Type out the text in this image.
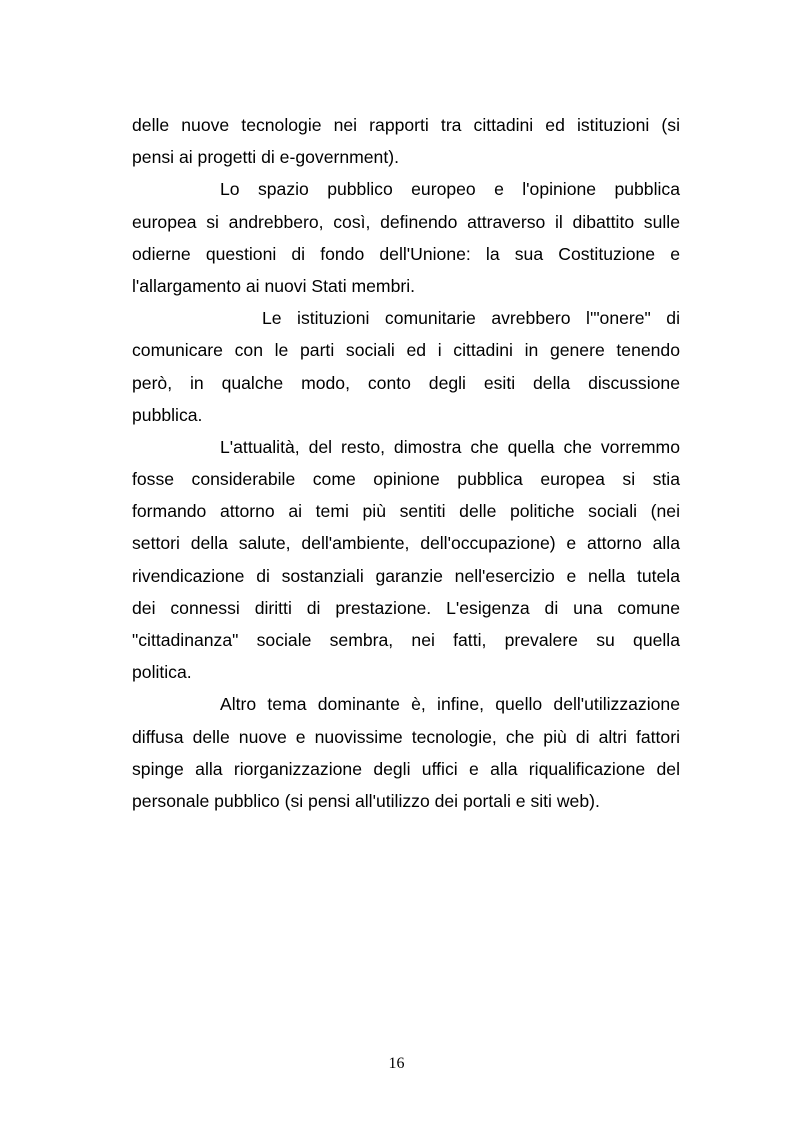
delle nuove tecnologie nei rapporti tra cittadini ed istituzioni (si
pensi ai progetti di e-government).
Lo spazio pubblico europeo e l'opinione pubblica
europea si andrebbero, così, definendo attraverso il dibattito sulle
odierne questioni di fondo dell'Unione: la sua Costituzione e
l'allargamento ai nuovi Stati membri.
Le istituzioni comunitarie avrebbero l'"onere" di
comunicare con le parti sociali ed i cittadini in genere tenendo
però, in qualche modo, conto degli esiti della discussione
pubblica.
L'attualità, del resto, dimostra che quella che vorremmo
fosse considerabile come opinione pubblica europea si stia
formando attorno ai temi più sentiti delle politiche sociali (nei
settori della salute, dell'ambiente, dell'occupazione) e attorno alla
rivendicazione di sostanziali garanzie nell'esercizio e nella tutela
dei connessi diritti di prestazione. L'esigenza di una comune
"cittadinanza" sociale sembra, nei fatti, prevalere su quella
politica.
Altro tema dominante è, infine, quello dell'utilizzazione
diffusa delle nuove e nuovissime tecnologie, che più di altri fattori
spinge alla riorganizzazione degli uffici e alla riqualificazione del
personale pubblico (si pensi all'utilizzo dei portali e siti web).
16
